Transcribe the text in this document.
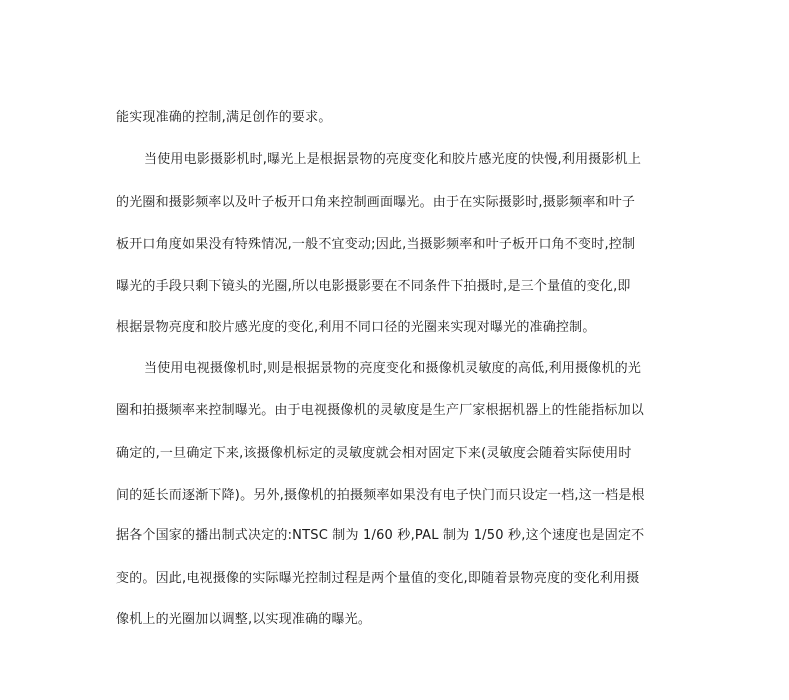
能实现准确的控制,满足创作的要求。
当使用电影摄影机时,曝光上是根据景物的亮度变化和胶片感光度的快慢,利用摄影机上
的光圈和摄影频率以及叶子板开口角来控制画面曝光。由于在实际摄影时,摄影频率和叶子
板开口角度如果没有特殊情况,一般不宜变动;因此,当摄影频率和叶子板开口角不变时,控制
曝光的手段只剩下镜头的光圈,所以电影摄影要在不同条件下拍摄时,是三个量值的变化,即
根据景物亮度和胶片感光度的变化,利用不同口径的光圈来实现对曝光的准确控制。
当使用电视摄像机时,则是根据景物的亮度变化和摄像机灵敏度的高低,利用摄像机的光
圈和拍摄频率来控制曝光。由于电视摄像机的灵敏度是生产厂家根据机器上的性能指标加以
确定的,一旦确定下来,该摄像机标定的灵敏度就会相对固定下来(灵敏度会随着实际使用时
间的延长而逐渐下降)。另外,摄像机的拍摄频率如果没有电子快门而只设定一档,这一档是根
据各个国家的播出制式决定的:NTSC 制为 1/60 秒,PAL 制为 1/50 秒,这个速度也是固定不
变的。因此,电视摄像的实际曝光控制过程是两个量值的变化,即随着景物亮度的变化利用摄
像机上的光圈加以调整,以实现准确的曝光。
